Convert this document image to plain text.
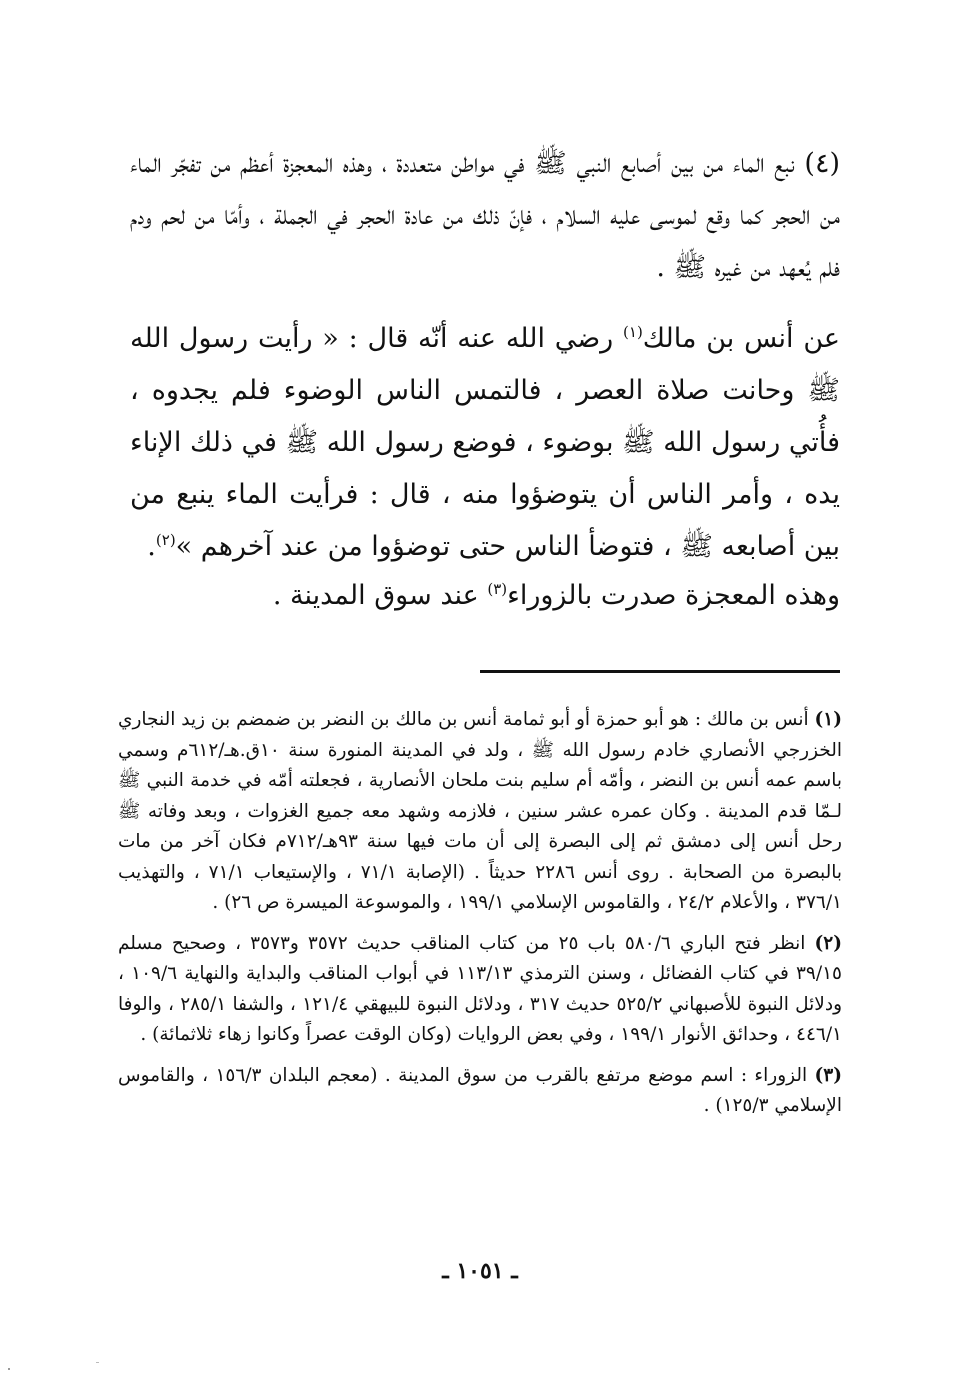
(٤) نبع الماء من بين أصابع النبي ﷺ في مواطن متعددة ، وهذه المعجزة أعظم من تفجّر الماء من الحجر كما وقع لموسى عليه السلام ، فإنّ ذلك من عادة الحجر في الجملة ، وأمّا من لحم ودم فلم يُعهد من غيره ﷺ .
عن أنس بن مالك$^{(١)}$ رضي الله عنه أنّه قال : « رأيت رسول الله ﷺ وحانت صلاة العصر ، فالتمس الناس الوضوء فلم يجدوه ، فأُتي رسول الله ﷺ بوضوء ، فوضع رسول الله ﷺ في ذلك الإناء يده ، وأمر الناس أن يتوضؤوا منه ، قال : فرأيت الماء ينبع من بين أصابعه ﷺ ، فتوضأ الناس حتى توضؤوا من عند آخرهم »$^{(٢)}$.
وهذه المعجزة صدرت بالزوراء$^{(٣)}$ عند سوق المدينة .

(١) أنس بن مالك : هو أبو حمزة أو أبو ثمامة أنس بن مالك بن النضر بن ضمضم بن زيد النجاري الخزرجي الأنصاري خادم رسول الله ﷺ ، ولد في المدينة المنورة سنة ١٠ق.هـ/٦١٢م وسمي باسم عمه أنس بن النضر ، وأمّه أم سليم بنت ملحان الأنصارية ، فجعلته أمّه في خدمة النبي ﷺ لـمّا قدم المدينة . وكان عمره عشر سنين ، فلازمه وشهد معه جميع الغزوات ، وبعد وفاته ﷺ رحل أنس إلى دمشق ثم إلى البصرة إلى أن مات فيها سنة ٩٣هـ/٧١٢م فكان آخر من مات بالبصرة من الصحابة . روى أنس ٢٢٨٦ حديثاً . (الإصابة ٧١/١ ، والإستيعاب ٧١/١ ، والتهذيب ٣٧٦/١ ، والأعلام ٢٤/٢ ، والقاموس الإسلامي ١٩٩/١ ، والموسوعة الميسرة ص ٢٦) .

(٢) انظر فتح الباري ٥٨٠/٦ باب ٢٥ من كتاب المناقب حديث ٣٥٧٢ و٣٥٧٣ ، وصحيح مسلم ٣٩/١٥ في كتاب الفضائل ، وسنن الترمذي ١١٣/١٣ في أبواب المناقب والبداية والنهاية ١٠٩/٦ ، ودلائل النبوة للأصبهاني ٥٢٥/٢ حديث ٣١٧ ، ودلائل النبوة للبيهقي ١٢١/٤ ، والشفا ٢٨٥/١ ، والوفا ٤٤٦/١ ، وحدائق الأنوار ١٩٩/١ ، وفي بعض الروايات (وكان الوقت عصراً وكانوا زهاء ثلاثمائة) .

(٣) الزوراء : اسم موضع مرتفع بالقرب من سوق المدينة . (معجم البلدان ١٥٦/٣ ، والقاموس الإسلامي ١٢٥/٣) .

ـ ١٠٥١ ـ
